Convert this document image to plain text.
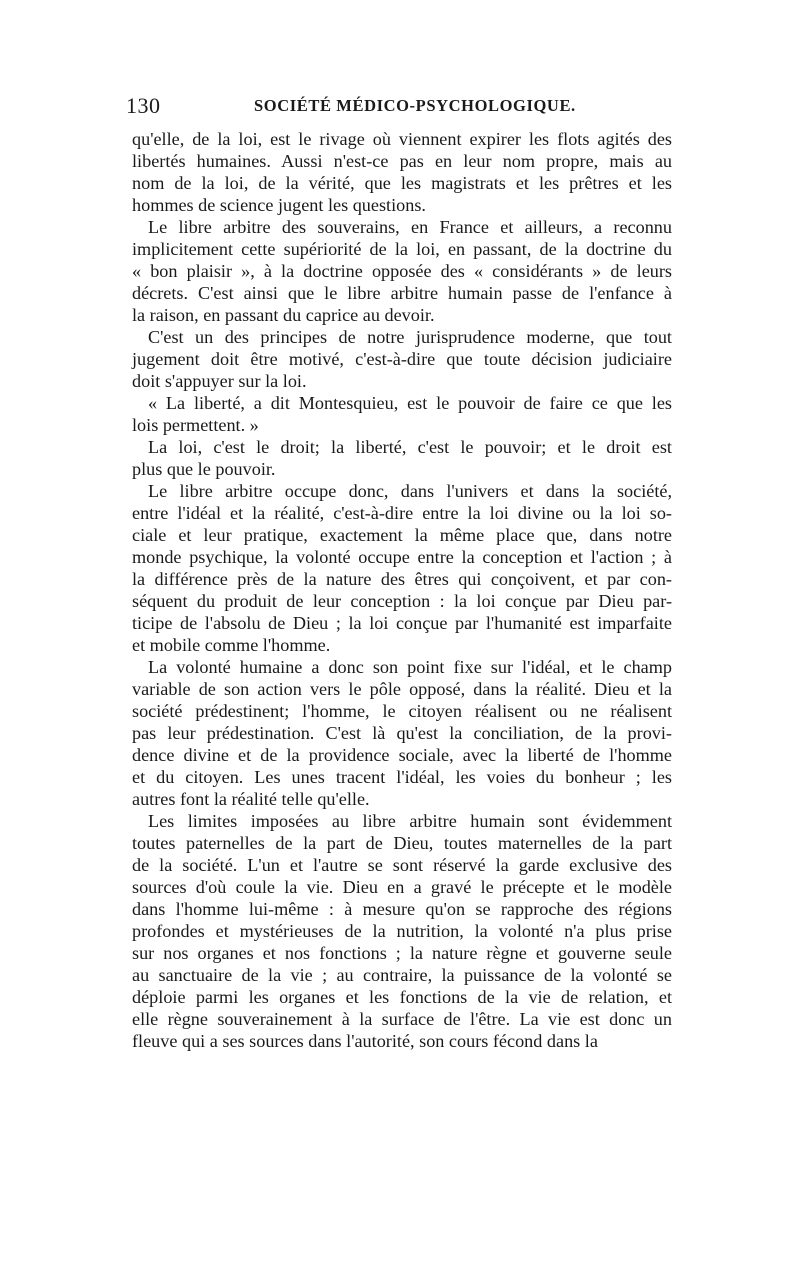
130	SOCIÉTÉ MÉDICO-PSYCHOLOGIQUE.
qu'elle, de la loi, est le rivage où viennent expirer les flots agités des
libertés humaines. Aussi n'est-ce pas en leur nom propre, mais au
nom de la loi, de la vérité, que les magistrats et les prêtres et les
hommes de science jugent les questions.
Le libre arbitre des souverains, en France et ailleurs, a reconnu
implicitement cette supériorité de la loi, en passant, de la doctrine du
« bon plaisir », à la doctrine opposée des « considérants » de leurs
décrets. C'est ainsi que le libre arbitre humain passe de l'enfance à
la raison, en passant du caprice au devoir.
C'est un des principes de notre jurisprudence moderne, que tout
jugement doit être motivé, c'est-à-dire que toute décision judiciaire
doit s'appuyer sur la loi.
« La liberté, a dit Montesquieu, est le pouvoir de faire ce que les
lois permettent. »
La loi, c'est le droit; la liberté, c'est le pouvoir; et le droit est
plus que le pouvoir.
Le libre arbitre occupe donc, dans l'univers et dans la société,
entre l'idéal et la réalité, c'est-à-dire entre la loi divine ou la loi so-
ciale et leur pratique, exactement la même place que, dans notre
monde psychique, la volonté occupe entre la conception et l'action ; à
la différence près de la nature des êtres qui conçoivent, et par con-
séquent du produit de leur conception : la loi conçue par Dieu par-
ticipe de l'absolu de Dieu ; la loi conçue par l'humanité est imparfaite
et mobile comme l'homme.
La volonté humaine a donc son point fixe sur l'idéal, et le champ
variable de son action vers le pôle opposé, dans la réalité. Dieu et la
société prédestinent; l'homme, le citoyen réalisent ou ne réalisent
pas leur prédestination. C'est là qu'est la conciliation, de la provi-
dence divine et de la providence sociale, avec la liberté de l'homme
et du citoyen. Les unes tracent l'idéal, les voies du bonheur ; les
autres font la réalité telle qu'elle.
Les limites imposées au libre arbitre humain sont évidemment
toutes paternelles de la part de Dieu, toutes maternelles de la part
de la société. L'un et l'autre se sont réservé la garde exclusive des
sources d'où coule la vie. Dieu en a gravé le précepte et le modèle
dans l'homme lui-même : à mesure qu'on se rapproche des régions
profondes et mystérieuses de la nutrition, la volonté n'a plus prise
sur nos organes et nos fonctions ; la nature règne et gouverne seule
au sanctuaire de la vie ; au contraire, la puissance de la volonté se
déploie parmi les organes et les fonctions de la vie de relation, et
elle règne souverainement à la surface de l'être. La vie est donc un
fleuve qui a ses sources dans l'autorité, son cours fécond dans la
